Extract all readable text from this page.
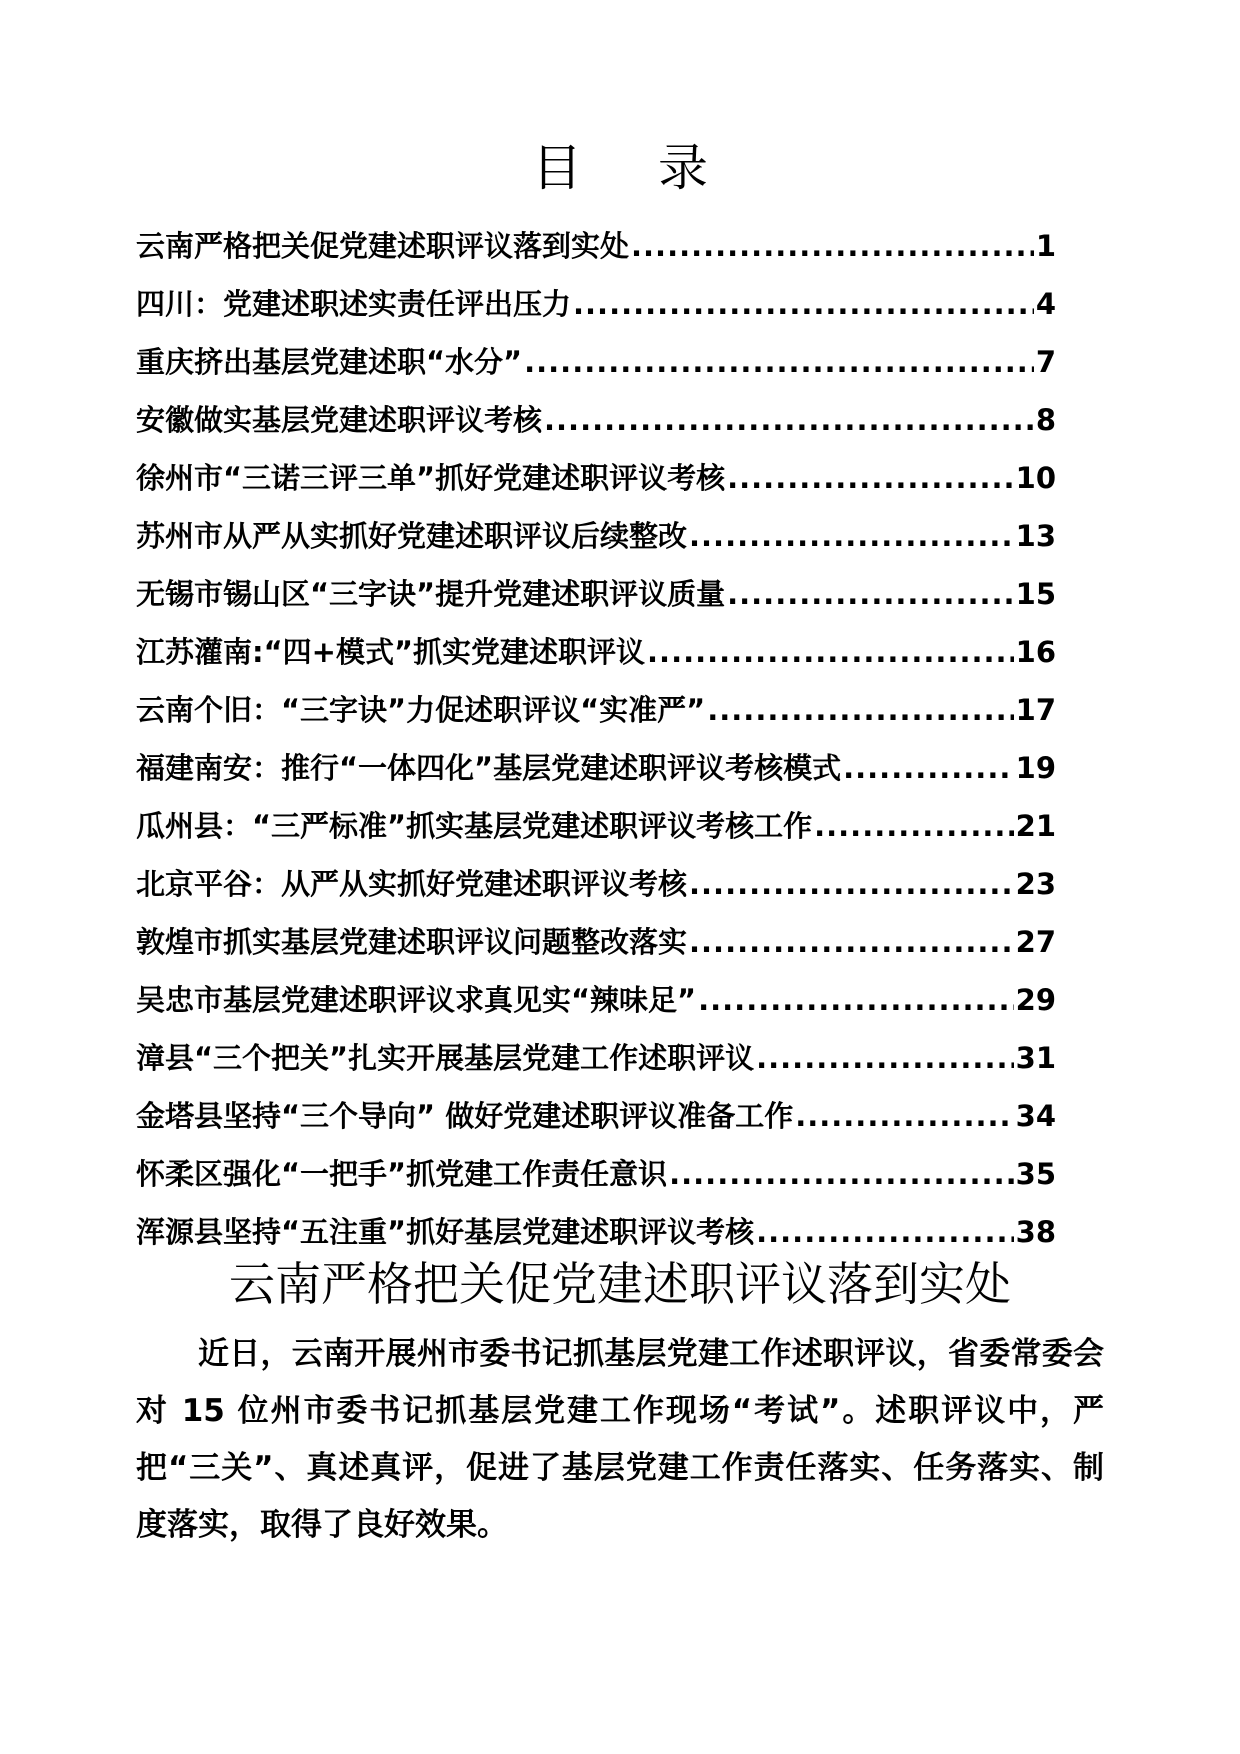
目 录
云南严格把关促党建述职评议落到实处 .....	1
四川：党建述职述实责任评出压力 .....	4
重庆挤出基层党建述职“水分” .....	7
安徽做实基层党建述职评议考核 .....	8
徐州市“三诺三评三单”抓好党建述职评议考核 .....	10
苏州市从严从实抓好党建述职评议后续整改 .....	13
无锡市锡山区“三字诀”提升党建述职评议质量 .....	15
江苏灌南:“四+模式”抓实党建述职评议 .....	16
云南个旧：“三字诀”力促述职评议“实准严” .....	17
福建南安：推行“一体四化”基层党建述职评议考核模式 .....	19
瓜州县：“三严标准”抓实基层党建述职评议考核工作 .....	21
北京平谷：从严从实抓好党建述职评议考核 .....	23
敦煌市抓实基层党建述职评议问题整改落实 .....	27
吴忠市基层党建述职评议求真见实“辣味足” .....	29
漳县“三个把关”扎实开展基层党建工作述职评议 .....	31
金塔县坚持“三个导向” 做好党建述职评议准备工作 .....	34
怀柔区强化“一把手”抓党建工作责任意识 .....	35
浑源县坚持“五注重”抓好基层党建述职评议考核 .....	38
云南严格把关促党建述职评议落到实处

近日，云南开展州市委书记抓基层党建工作述职评议，省委常委会对 15 位州市委书记抓基层党建工作现场“考试”。述职评议中，严把“三关”、真述真评，促进了基层党建工作责任落实、任务落实、制度落实，取得了良好效果。
